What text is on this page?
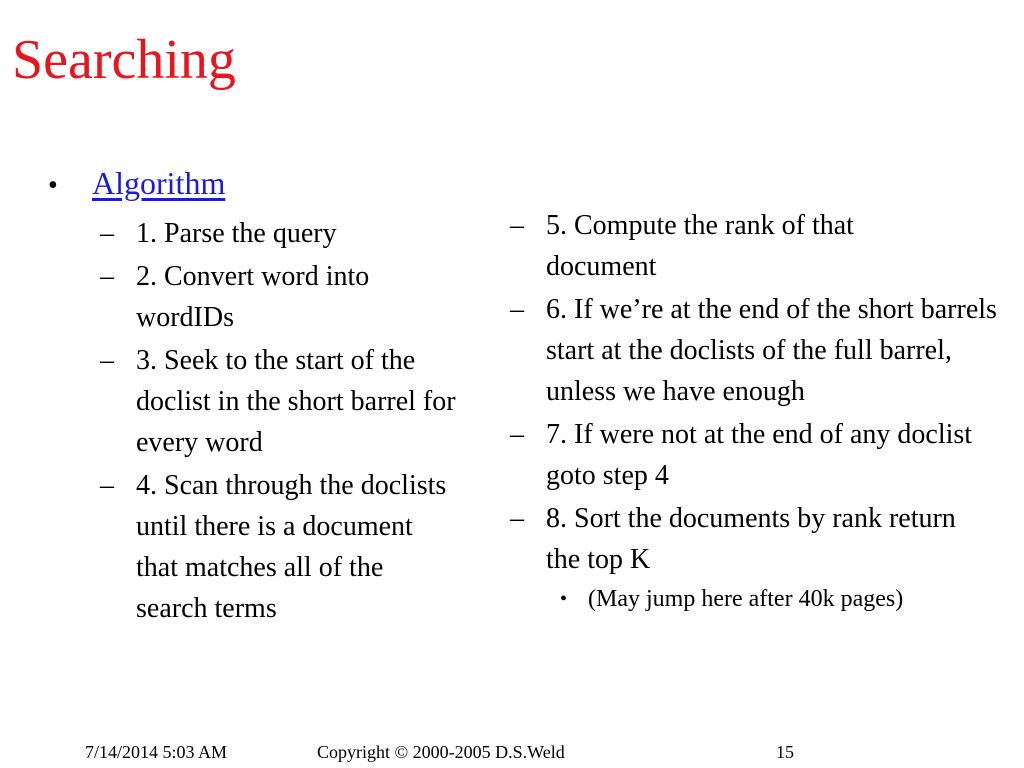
Searching
•	Algorithm
– 1. Parse the query
– 2. Convert word into wordIDs
– 3. Seek to the start of the doclist in the short barrel for every word
– 4. Scan through the doclists until there is a document that matches all of the search terms
– 5. Compute the rank of that document
– 6. If we’re at the end of the short barrels start at the doclists of the full barrel, unless we have enough
– 7. If were not at the end of any doclist goto step 4
– 8. Sort the documents by rank return the top K
• (May jump here after 40k pages)
7/14/2014 5:03 AM	Copyright © 2000-2005 D.S.Weld	15
